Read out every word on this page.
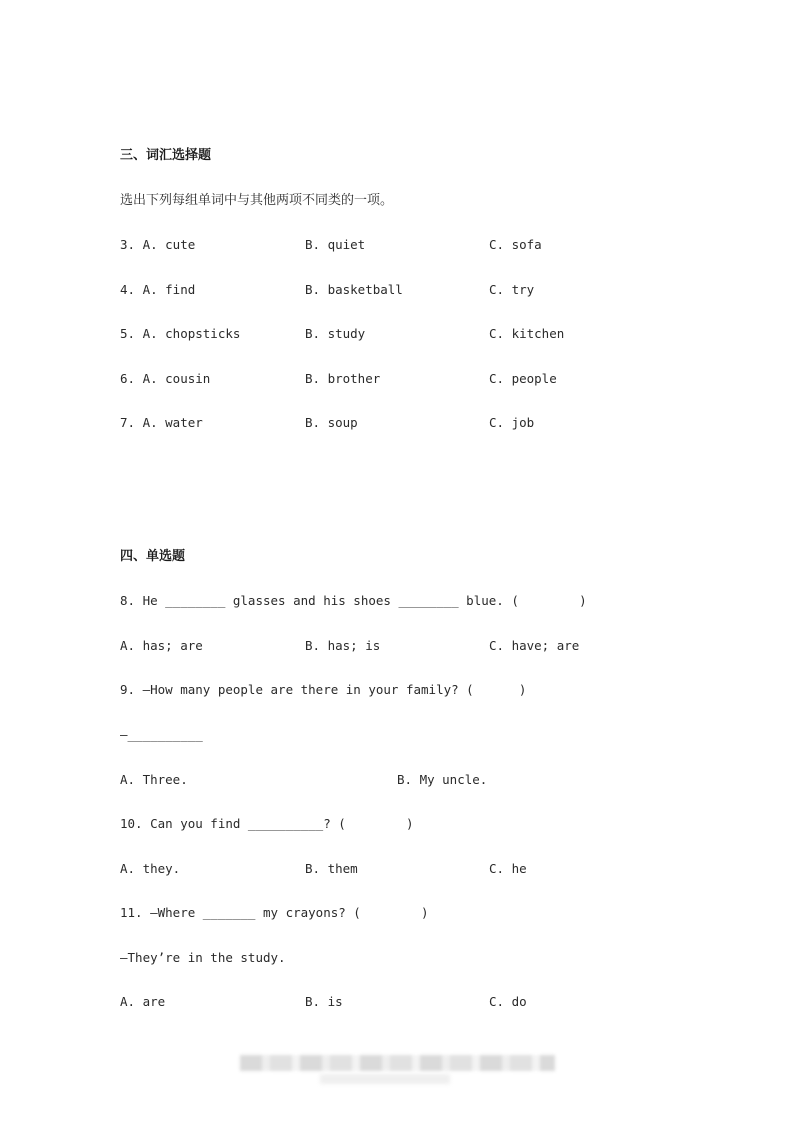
三、词汇选择题
选出下列每组单词中与其他两项不同类的一项。
3. A. cute	B. quiet	C. sofa
4. A. find	B. basketball	C. try
5. A. chopsticks	B. study	C. kitchen
6. A. cousin	B. brother	C. people
7. A. water	B. soup	C. job
四、单选题
8. He ________ glasses and his shoes ________ blue. (        )
A. has; are	B. has; is	C. have; are
9. —How many people are there in your family? (      )
—__________
A. Three.	B. My uncle.
10. Can you find __________? (        )
A. they.	B. them	C. he
11. —Where _______ my crayons? (        )
—They’re in the study.
A. are	B. is	C. do
